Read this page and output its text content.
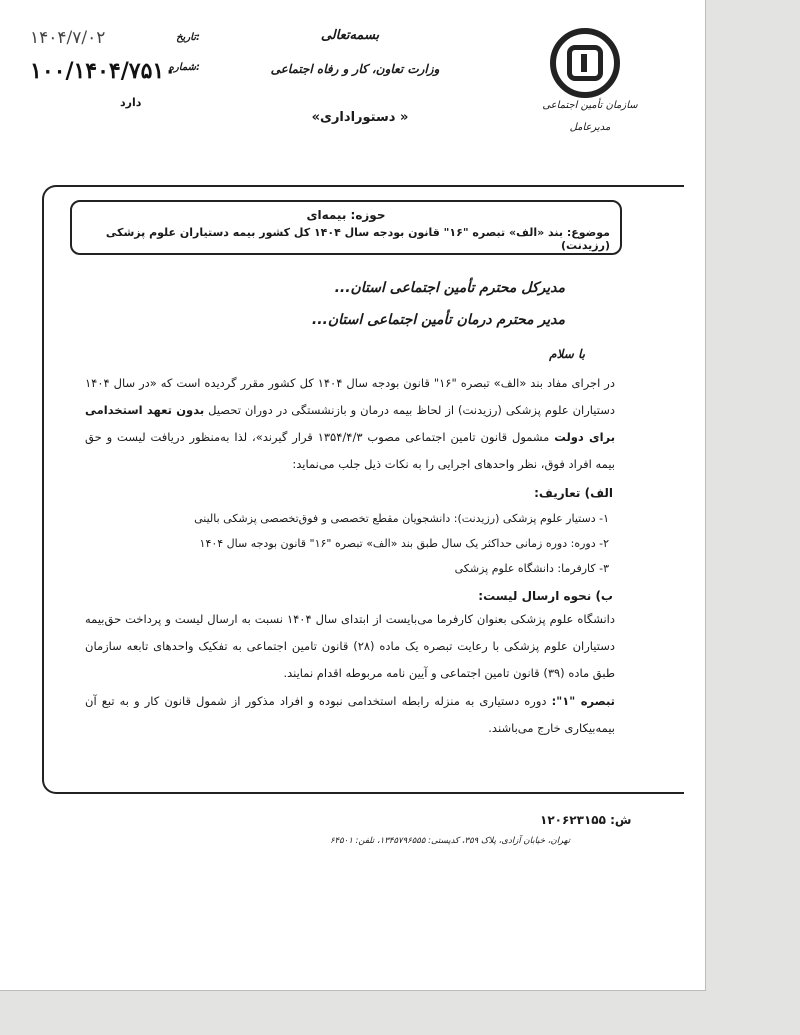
سازمان تأمین اجتماعی
مدیرعامل
بسمه‌تعالی
وزارت تعاون، کار و رفاه اجتماعی
« دستوراداری»
۱۴۰۴/۷/۰۲	تاریخ:
۱۰۰/۱۴۰۴/۷۵۱۰
شماره:
دارد
حوزه: بیمه‌ای
موضوع: بند «الف» تبصره "۱۶" قانون بودجه سال ۱۴۰۴ کل کشور بیمه دستیاران علوم پزشکی (رزیدنت)
مدیرکل محترم تأمین اجتماعی استان...
مدیر محترم درمان تأمین اجتماعی استان...
با سلام
در اجرای مفاد بند «الف» تبصره "۱۶" قانون بودجه سال ۱۴۰۴ کل کشور مقرر گردیده است که «در سال ۱۴۰۴ دستیاران علوم پزشکی (رزیدنت) از لحاظ بیمه درمان و بازنشستگی در دوران تحصیل بدون تعهد استخدامی برای دولت مشمول قانون تامین اجتماعی مصوب ۱۳۵۴/۴/۳ قرار گیرند»، لذا به‌منظور دریافت لیست و حق بیمه افراد فوق، نظر واحدهای اجرایی را به نکات ذیل جلب می‌نماید:
الف) تعاریف:
۱- دستیار علوم پزشکی (رزیدنت): دانشجویان مقطع تخصصی و فوق‌تخصصی پزشکی بالینی
۲- دوره: دوره زمانی حداکثر یک سال طبق بند «الف» تبصره "۱۶" قانون بودجه سال ۱۴۰۴
۳- کارفرما: دانشگاه علوم پزشکی
ب) نحوه ارسال لیست:
دانشگاه علوم پزشکی بعنوان کارفرما می‌بایست از ابتدای سال ۱۴۰۴ نسبت به ارسال لیست و پرداخت حق‌بیمه دستیاران علوم پزشکی با رعایت تبصره یک ماده (۲۸) قانون تامین اجتماعی به تفکیک واحدهای تابعه سازمان طبق ماده (۳۹) قانون تامین اجتماعی و آیین نامه مربوطه اقدام نمایند.
تبصره "۱": دوره دستیاری به منزله رابطه استخدامی نبوده و افراد مذکور از شمول قانون کار و به تبع آن بیمه‌بیکاری خارج می‌باشند.
ش: ۱۲۰۶۲۳۱۵۵
تهران، خیابان آزادی، پلاک ۳۵۹، کدپستی: ۱۳۴۵۷۹۶۵۵۵، تلفن: ۶۴۵۰۱
